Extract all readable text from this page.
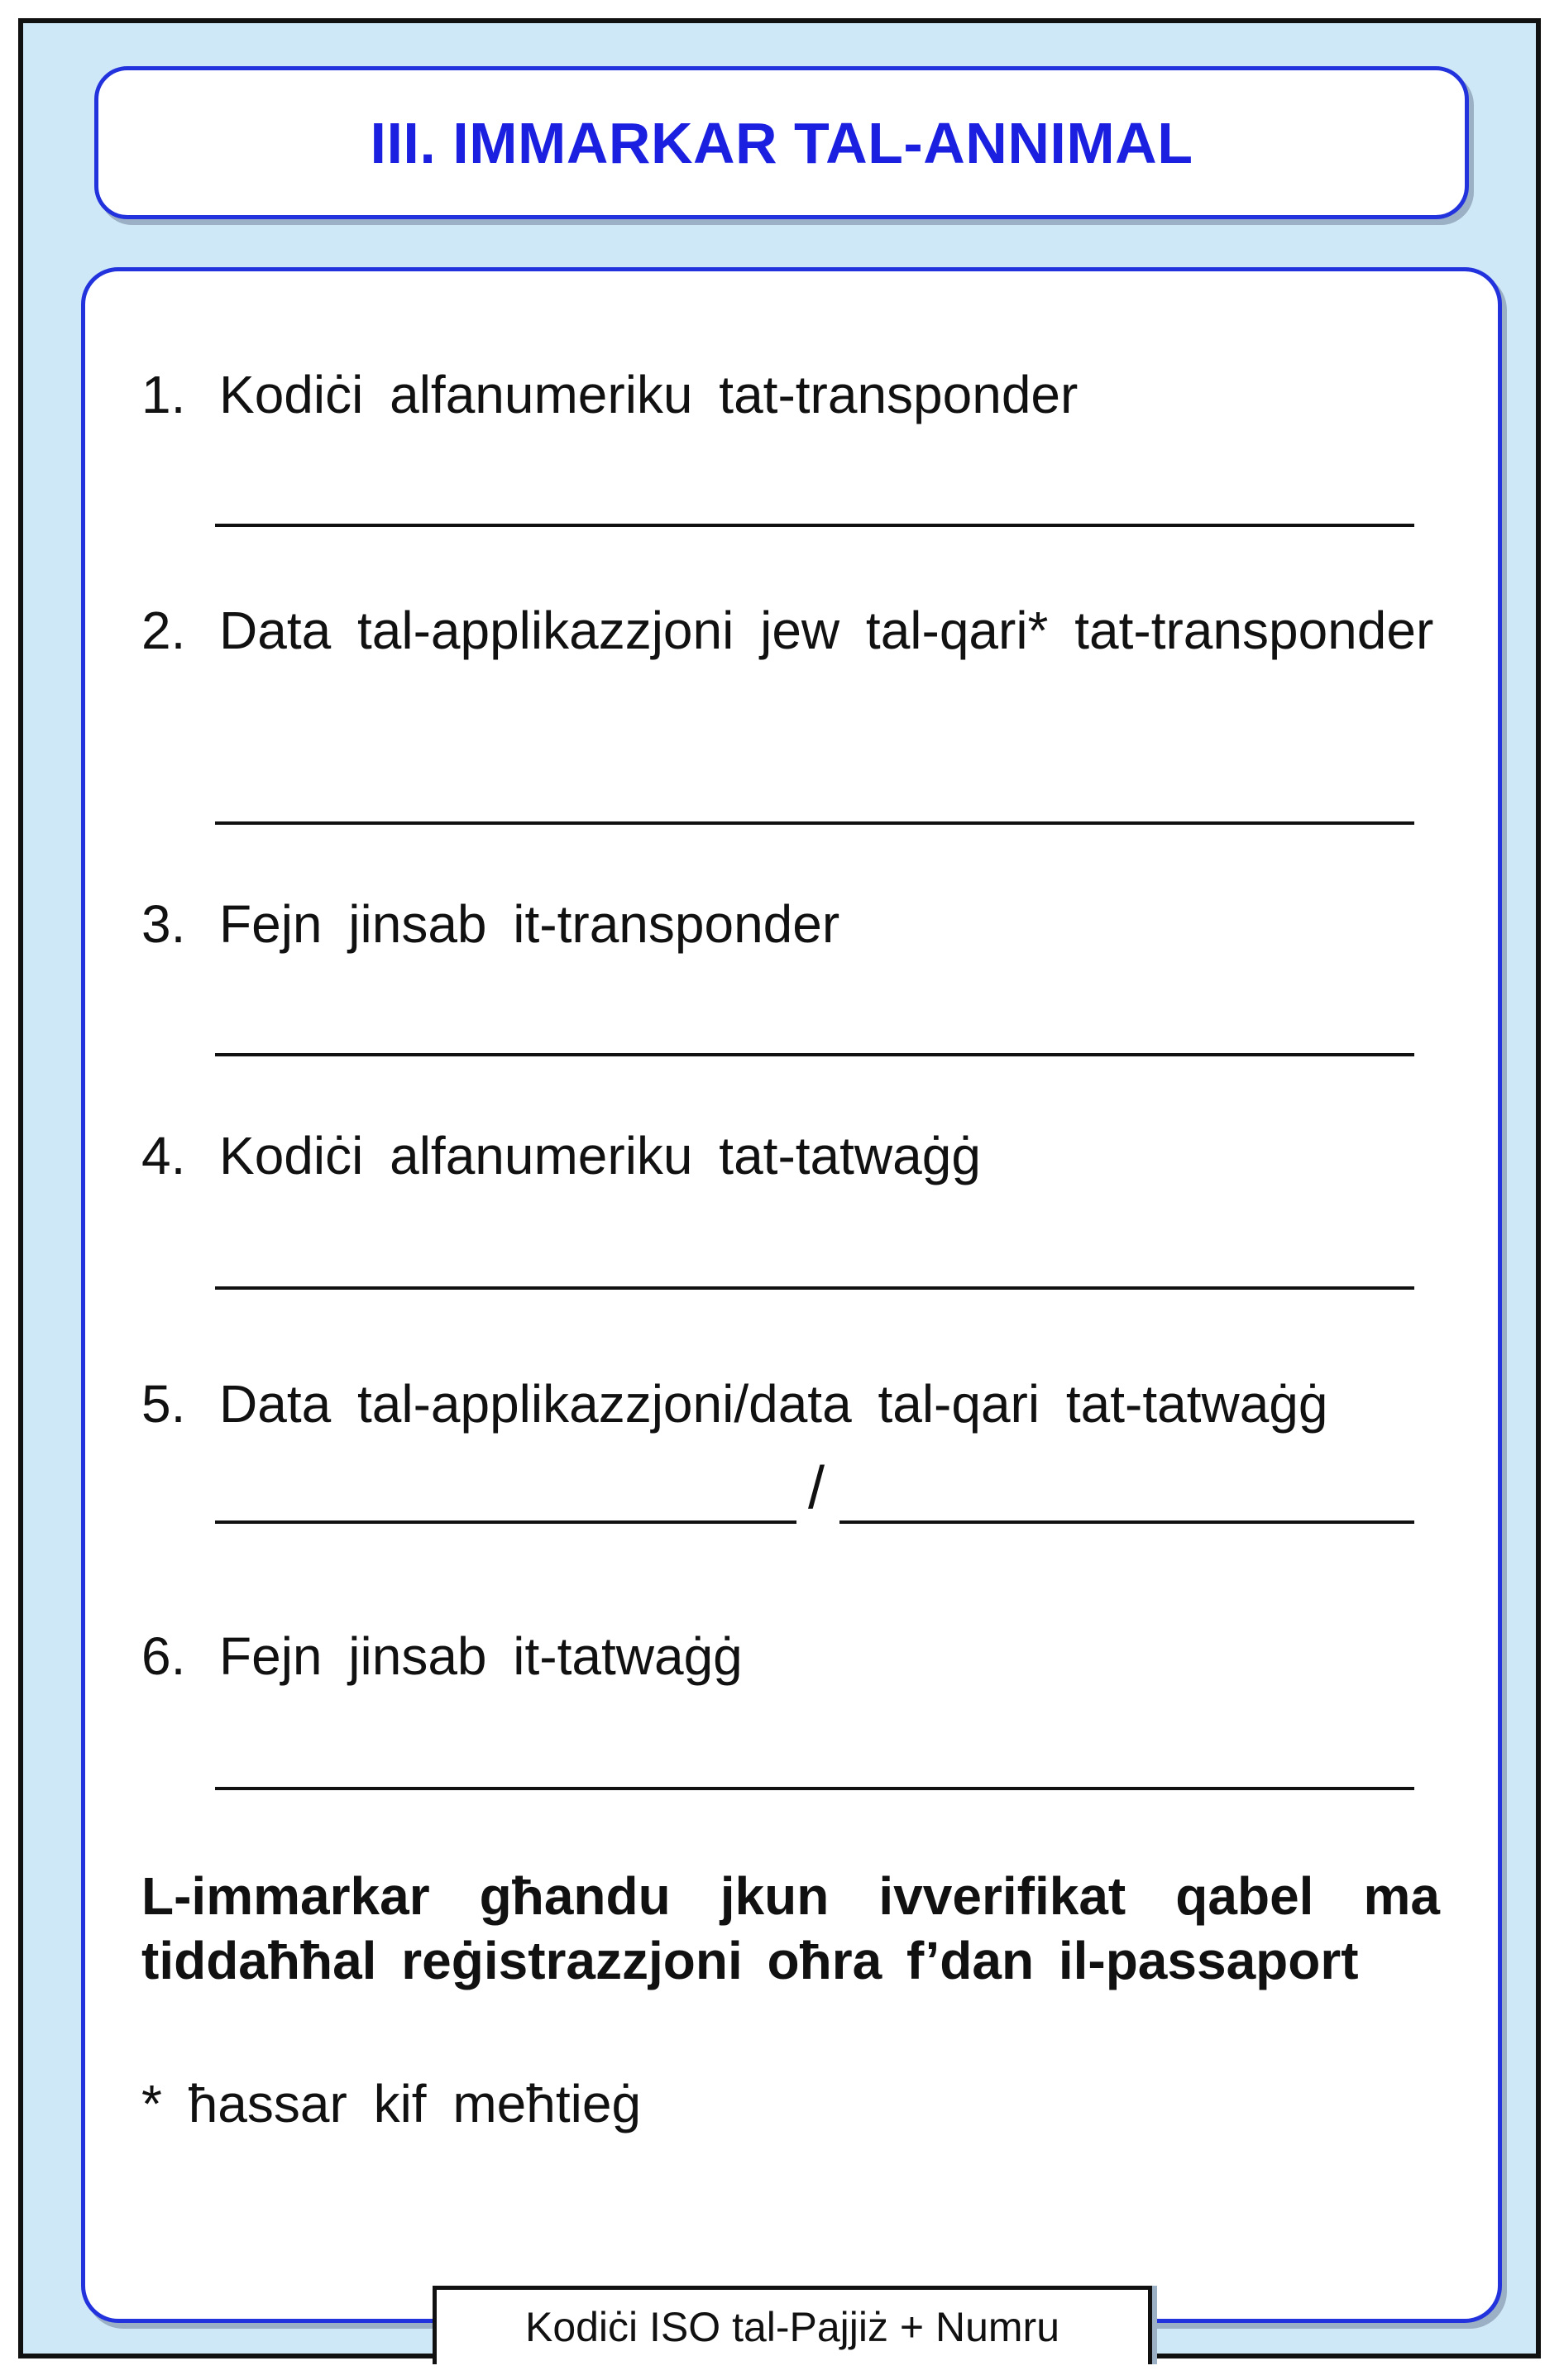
III. IMMARKAR TAL-ANNIMAL
1. Kodiċi alfanumeriku tat-transponder
2. Data tal-applikazzjoni jew tal-qari* tat-transponder
3. Fejn jinsab it-transponder
4. Kodiċi alfanumeriku tat-tatwaġġ
5. Data tal-applikazzjoni/data tal-qari tat-tatwaġġ
/
6. Fejn jinsab it-tatwaġġ
L-immarkar għandu jkun ivverifikat qabel ma tiddaħħal reġistrazzjoni oħra f’dan il-passaport
* ħassar kif meħtieġ
Kodiċi ISO tal-Pajjiż + Numru
